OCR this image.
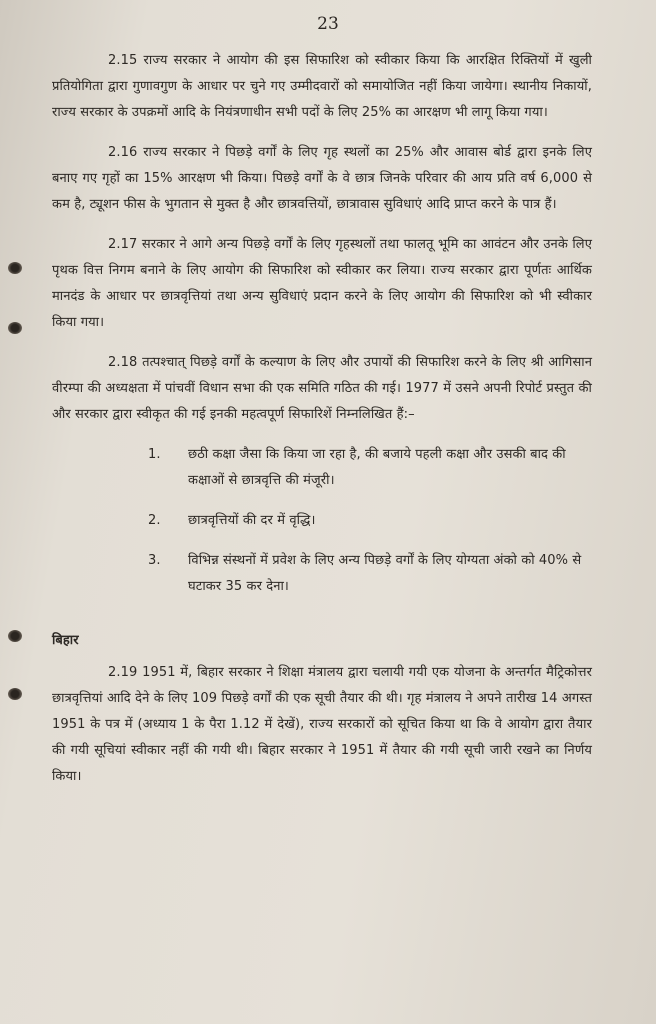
23

2.15 राज्य सरकार ने आयोग की इस सिफारिश को स्वीकार किया कि आरक्षित रिक्तियों में खुली प्रतियोगिता द्वारा गुणावगुण के आधार पर चुने गए उम्मीदवारों को समायोजित नहीं किया जायेगा। स्थानीय निकायों, राज्य सरकार के उपक्रमों आदि के नियंत्रणाधीन सभी पदों के लिए 25% का आरक्षण भी लागू किया गया।

2.16 राज्य सरकार ने पिछड़े वर्गों के लिए गृह स्थलों का 25% और आवास बोर्ड द्वारा इनके लिए बनाए गए गृहों का 15% आरक्षण भी किया। पिछड़े वर्गों के वे छात्र जिनके परिवार की आय प्रति वर्ष 6,000 से कम है, ट्यूशन फीस के भुगतान से मुक्त है और छात्रवत्तियों, छात्रावास सुविधाएं आदि प्राप्त करने के पात्र हैं।

2.17 सरकार ने आगे अन्य पिछड़े वर्गों के लिए गृहस्थलों तथा फालतू भूमि का आवंटन और उनके लिए पृथक वित्त निगम बनाने के लिए आयोग की सिफारिश को स्वीकार कर लिया। राज्य सरकार द्वारा पूर्णतः आर्थिक मानदंड के आधार पर छात्रवृत्तियां तथा अन्य सुविधाएं प्रदान करने के लिए आयोग की सिफारिश को भी स्वीकार किया गया।

2.18 तत्पश्चात् पिछड़े वर्गों के कल्याण के लिए और उपायों की सिफारिश करने के लिए श्री आगिसान वीरम्पा की अध्यक्षता में पांचवीं विधान सभा की एक समिति गठित की गई। 1977 में उसने अपनी रिपोर्ट प्रस्तुत की और सरकार द्वारा स्वीकृत की गई इनकी महत्वपूर्ण सिफारिशें निम्नलिखित हैं:–

1.	छठी कक्षा जैसा कि किया जा रहा है, की बजाये पहली कक्षा और उसकी बाद की कक्षाओं से छात्रवृत्ति की मंजूरी।
2.	छात्रवृत्तियों की दर में वृद्धि।
3.	विभिन्न संस्थनों में प्रवेश के लिए अन्य पिछड़े वर्गों के लिए योग्यता अंको को 40% से घटाकर 35 कर देना।
बिहार

2.19 1951 में, बिहार सरकार ने शिक्षा मंत्रालय द्वारा चलायी गयी एक योजना के अन्तर्गत मैट्रिकोत्तर छात्रवृत्तियां आदि देने के लिए 109 पिछड़े वर्गों की एक सूची तैयार की थी। गृह मंत्रालय ने अपने तारीख 14 अगस्त 1951 के पत्र में (अध्याय 1 के पैरा 1.12 में देखें), राज्य सरकारों को सूचित किया था कि वे आयोग द्वारा तैयार की गयी सूचियां स्वीकार नहीं की गयी थी। बिहार सरकार ने 1951 में तैयार की गयी सूची जारी रखने का निर्णय किया।
